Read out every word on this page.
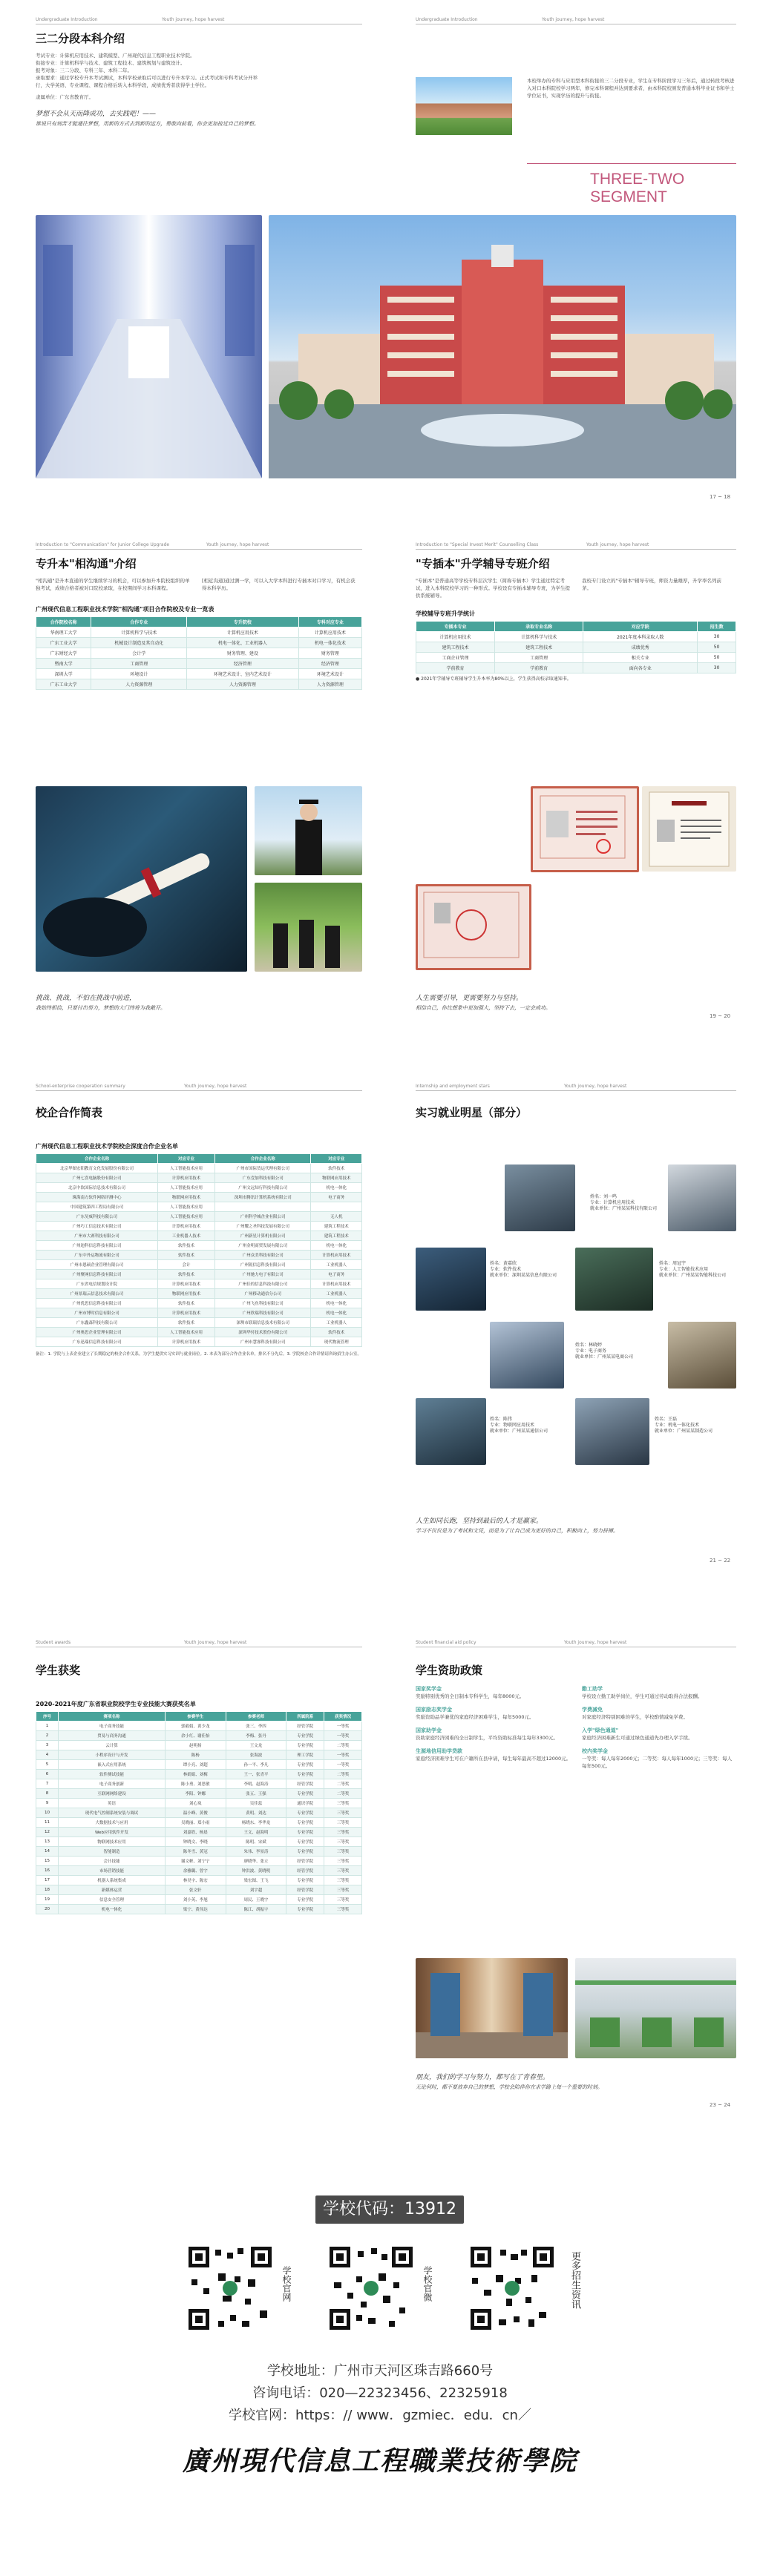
Undergraduate Introduction	Youth journey, hope harvest
三二分段本科介绍
考试专业：计算机应用技术、建筑模型、广州现代信息工程职业技术学院。
衔接专业：计算机科学与技术、建筑工程技术、建筑规划与建筑设计。
报考对象：三二分段、专科三年、本科二年。
录取要求：通过学校专升本考试测试，本科学校录取后可以进行专升本学习。正式考试和专科考试分开举行，大学英语、专业课程、课程合格后转入本科学段，成绩优秀者获得学士学位。
隶属单位：广东省教育厅。
梦想不会从天而降成功，去实践吧！——
谁说只有刻苦才能通往梦想，用新的方式去到新的远方，勇敢向前看，你会更加接近自己的梦想。
Undergraduate Introduction	Youth journey, hope harvest
本校举办的专科与应用型本科衔接的三二分段专业，学生在专科阶段学习三年后，通过转段考核进入对口本科院校学习两年，修完本科课程并达到要求者，由本科院校颁发普通本科毕业证书和学士学位证书，实现学历的提升与衔接。
THREE-TWO SEGMENT
17 ~ 18
Introduction to "Communication" for Junior College Upgrade	Youth journey, hope harvest
专升本"相沟通"介绍
"相沟通"是升本直通的学生继续学习的机会，可以参加升本院校组织的单独考试，成绩合格者被对口院校录取，在校期间学习本科课程。
[相近沟通]通过测一学，可以入大学本科进行专插本对口学习，有机会获得本科学历。
广州现代信息工程职业技术学院"相沟通"项目合作院校及专业一览表
合作院校名称	合作专业	专升院校	专科对应专业
华南理工大学	计算机科学与技术	计算机应用技术	计算机应用技术
广东工业大学	机械设计制造及其自动化	机电一体化、工业机器人	机电一体化技术
广东财经大学	会计学	财务管理、建设	财务管理
暨南大学	工商管理	经济管理	经济管理
深圳大学	环境设计	环境艺术设计、室内艺术设计	环境艺术设计
广东工业大学	人力资源管理	人力资源管理	人力资源管理
挑战、挑战，不怕在挑战中前进，
我始终相信，只要付出努力，梦想的大门终将为我敞开。
Introduction to "Special Invest Merit" Counselling Class	Youth journey, hope harvest
"专插本"升学辅导专班介绍
"专插本"是普通高等学校专科层次学生（简称专插本）学生通过特定考试，进入本科院校学习的一种形式。学校设有专插本辅导专班，为学生提供系统辅导。
我校专门设立的"专插本"辅导专班，师资力量雄厚，升学率名列前茅。
学校辅导专班升学统计
专插本专业	录取专业名称	对应学院	招生数
计算机应用技术	计算机科学与技术	2021年度本科录取人数	30
建筑工程技术	建筑工程技术	成绩优秀	50
工商企业管理	工商管理	相关专业	50
学前教育	学前教育	面向各专业	30
● 2021年学辅导专班辅导学生升本率为80%以上，学生获得高校录取通知书。
人生需要引导，更需要努力与坚持。
相信自己，你比想象中更加强大，坚持下去，一定会成功。
19 ~ 20
School-enterprise cooperation summary	Youth journey, hope harvest
校企合作简表
广州现代信息工程职业技术学院校企深度合作企业名单
合作企业名称	对应专业	合作企业名称	对应专业
北京华图宏阳教育文化发展股份有限公司	人工智能技术应用	广州市国际货运代理有限公司	软件技术
广州七喜电脑股份有限公司	计算机应用技术	广东壹加科技有限公司	物联网应用技术
北京中软国际信息技术有限公司	人工智能技术应用	广州文远知行科技有限公司	机电一体化
珠海南方软件网络评测中心	物联网应用技术	深圳市腾讯计算机系统有限公司	电子商务
中国建筑第四工程局有限公司	人工智能技术应用		
广东昊威科技有限公司	人工智能技术应用	广州科学城企业有限公司	无人机
广州巧工信息技术有限公司	计算机应用技术	广州耀之圣科技发展有限公司	建筑工程技术
广州市大赛科技有限公司	工业机器人技术	广州新星计算机有限公司	建筑工程技术
广州迪科信息科技有限公司	软件技术	广州金明商贸发展有限公司	机电一体化
广东中外运物流有限公司	软件技术	广州众美科技有限公司	计算机应用技术
广州市恩硕企业管理有限公司	会计	广州锐信息科技有限公司	工业机器人
广州聚网信息科技有限公司	软件技术	广州驰力电子有限公司	电子商务
广东省电信规划设计院	计算机应用技术	广州佳的信息科技有限公司	计算机应用技术
广州景瑞云信息技术有限公司	物联网应用技术	广州移动通信分公司	工业机器人
广州优思信息科技有限公司	软件技术	广州飞鱼科技有限公司	机电一体化
广州市博时信息有限公司	计算机应用技术	广州欣瑞科技有限公司	机电一体化
广东鑫森科技有限公司	软件技术	深圳市联瑞信息技术有限公司	工业机器人
广州奥思企业管理有限公司	人工智能技术应用	深圳华付技术股份有限公司	软件技术
广东迅瑞信息科技有限公司	计算机应用技术	广州市慧睿科技有限公司	现代物流管理
备注：1. 学院与上表企业建立了长期稳定的校企合作关系，为学生提供实习实训与就业岗位。2. 本表为部分合作企业名单，排名不分先后。3. 学院校企合作详情请咨询招生办公室。
Internship and employment stars	Youth journey, hope harvest
实习就业明星（部分）
姓名：刘一鸣
专业：计算机应用技术
就业单位：广州某某科技有限公司
姓名：黄嘉欣
专业：软件技术
就业单位：深圳某某信息有限公司
姓名：周冠宇
专业：人工智能技术应用
就业单位：广州某某智能科技公司
姓名：林晓婷
专业：电子商务
就业单位：广州某某电商公司
姓名：陈伟
专业：物联网应用技术
就业单位：广州某某通信公司
姓名：王磊
专业：机电一体化技术
就业单位：广州某某制造公司
人生如同长跑，坚持到最后的人才是赢家。
学习不仅仅是为了考试和文凭，而是为了让自己成为更好的自己，积极向上，努力拼搏。
21 ~ 22
Student awards	Youth journey, hope harvest
学生获奖
2020-2021年度广东省职业院校学生专业技能大赛获奖名单
序号	赛项名称	参赛学生	参赛老师	所属院系	获奖情况
1	电子商务技能	郭毅娟、黄少龙	张三、李四	经管学院	一等奖
2	贸易与商务沟通	余小红、谢佳怡	李梅、张丹	专业学院	一等奖
3	云计算	赵明扬	王文龙	专业学院	二等奖
4	小程序设计与开发	陈杨	张海波	理工学院	一等奖
5	嵌入式应用系统	谭小亮、刘超	孙一平、李凡	专业学院	一等奖
6	软件测试技能	林娟娟、刘梅	王一、张青平	专业学院	二等奖
7	电子商务创新	陈小勇、刘思敏	李明、赵海涛	经管学院	二等奖
8	互联网网络建设	李阳、钟娜	张五、王强	专业学院	二等奖
9	英语	刘心岚	吴佳蕊	通识学院	三等奖
10	现代电气控制系统安装与调试	温小峰、黄俊	黄明、刘达	专业学院	三等奖
11	大数据技术与应用	吴晓丽、郑小雨	杨晓东、李华龙	专业学院	三等奖
12	Web应用软件开发	刘嘉欣、杨晨	王文、赵海明	专业学院	三等奖
13	物联网技术应用	钟晓文、李晓	陈明、宋斌	专业学院	三等奖
14	智能制造	陈冬雪、黄冠	朱伟、李景涛	专业学院	三等奖
15	会计技能	谢文彬、刘宁宁	廖晓华、张立	经管学院	三等奖
16	市场营销技能	余雅璐、曾宇	钟洪波、黄晓明	经管学院	三等奖
17	机器人系统集成	林昊宇、陈宏	梁宏图、王飞	专业学院	三等奖
18	新媒体运营	张文轩	刘宇超	经管学院	三等奖
19	信息安全管理	刘小英、李旭	周民、王晓宇	专业学院	三等奖
20	机电一体化	梁宁、黄伟达	陈江、胡振宇	专业学院	三等奖
Student financial aid policy	Youth journey, hope harvest
学生资助政策
国家奖学金
奖励特别优秀的全日制本专科学生，每年8000元。
国家励志奖学金
奖励资助品学兼优的家庭经济困难学生，每年5000元。
国家助学金
资助家庭经济困难的全日制学生，平均资助标准每生每年3300元。
生源地信用助学贷款
家庭经济困难学生可在户籍所在县申请，每生每年最高不超过12000元。
勤工助学
学校设立勤工助学岗位，学生可通过劳动取得合法报酬。
学费减免
对家庭经济特别困难的学生，学校酌情减免学费。
入学"绿色通道"
家庭经济困难新生可通过绿色通道先办理入学手续。
校内奖学金
一等奖：每人每年2000元；二等奖：每人每年1000元；三等奖：每人每年500元。
朋友，我们的学习与努力，都写在了青春里。
无论何时，都不要放弃自己的梦想，学校会陪伴你在求学路上每一个重要的时刻。
23 ~ 24
学校代码：13912
学校官网	学校官微	更多招生资讯
学校地址：广州市天河区珠吉路660号
咨询电话：020—22323456、22325918
学校官网：https：// www．gzmiec．edu．cn／
廣州現代信息工程職業技術學院
